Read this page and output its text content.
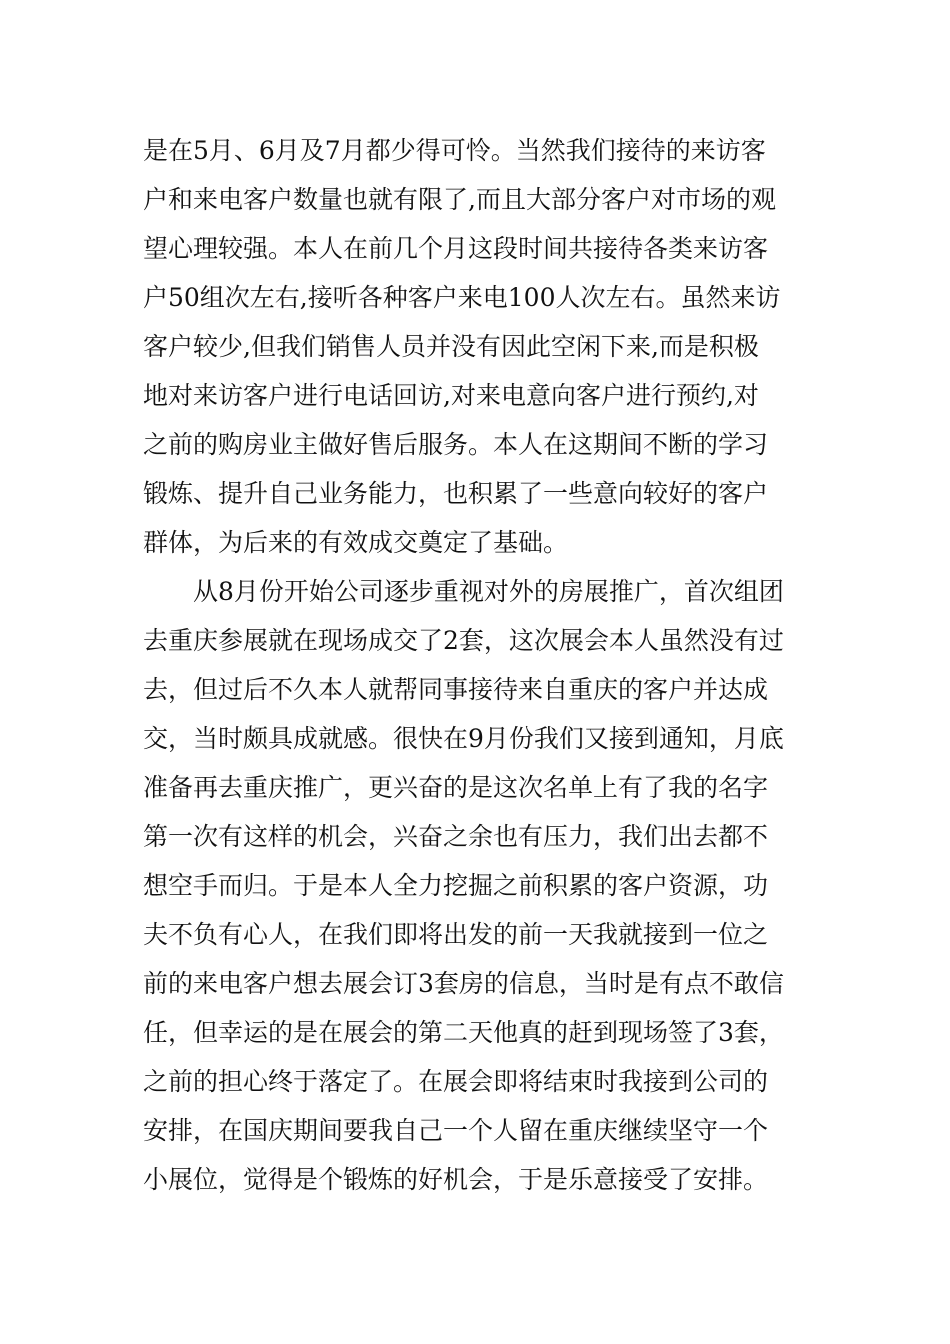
是在5月、6月及7月都少得可怜。当然我们接待的来访客
户和来电客户数量也就有限了,而且大部分客户对市场的观
望心理较强。本人在前几个月这段时间共接待各类来访客
户50组次左右,接听各种客户来电100人次左右。虽然来访
客户较少,但我们销售人员并没有因此空闲下来,而是积极
地对来访客户进行电话回访,对来电意向客户进行预约,对
之前的购房业主做好售后服务。本人在这期间不断的学习
锻炼、提升自己业务能力，也积累了一些意向较好的客户
群体，为后来的有效成交奠定了基础。
从8月份开始公司逐步重视对外的房展推广，首次组团
去重庆参展就在现场成交了2套，这次展会本人虽然没有过
去，但过后不久本人就帮同事接待来自重庆的客户并达成
交，当时颇具成就感。很快在9月份我们又接到通知，月底
准备再去重庆推广，更兴奋的是这次名单上有了我的名字
第一次有这样的机会，兴奋之余也有压力，我们出去都不
想空手而归。于是本人全力挖掘之前积累的客户资源，功
夫不负有心人，在我们即将出发的前一天我就接到一位之
前的来电客户想去展会订3套房的信息，当时是有点不敢信
任，但幸运的是在展会的第二天他真的赶到现场签了3套，
之前的担心终于落定了。在展会即将结束时我接到公司的
安排，在国庆期间要我自己一个人留在重庆继续坚守一个
小展位，觉得是个锻炼的好机会，于是乐意接受了安排。
